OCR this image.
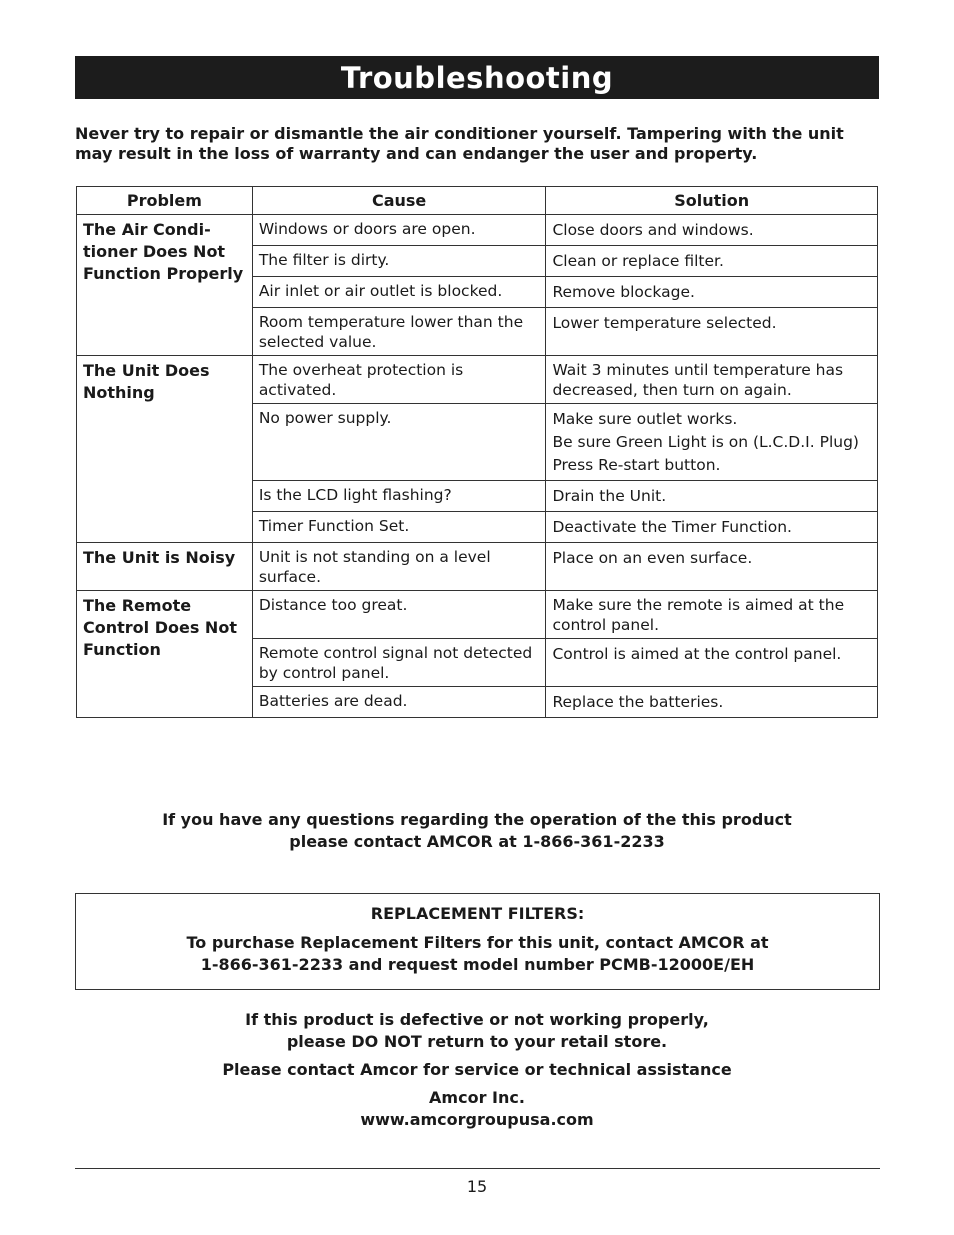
Troubleshooting
Never try to repair or dismantle the air conditioner yourself. Tampering with the unit may result in the loss of warranty and can endanger the user and property.
Problem	Cause	Solution
The Air Condi-tioner Does Not Function Properly	Windows or doors are open.	Close doors and windows.

	The filter is dirty.	Clean or replace filter.

	Air inlet or air outlet is blocked.	Remove blockage.

	Room temperature lower than the selected value.	Lower temperature selected.

The Unit Does Nothing	The overheat protection is activated.	Wait 3 minutes until temperature has decreased, then turn on again.
	No power supply.	Make sure outlet works.
Be sure Green Light is on (L.C.D.I. Plug)
Press Re-start button.

	Is the LCD light flashing?	Drain the Unit.

	Timer Function Set.	Deactivate the Timer Function.

The Unit is Noisy	Unit is not standing on a level surface.	Place on an even surface.

The Remote Control Does Not Function	Distance too great.	Make sure the remote is aimed at the control panel.
	Remote control signal not detected by control panel.	Control is aimed at the control panel.

	Batteries are dead.	Replace the batteries.
If you have any questions regarding the operation of the this product
please contact AMCOR at 1-866-361-2233
REPLACEMENT FILTERS:
To purchase Replacement Filters for this unit, contact AMCOR at
1-866-361-2233 and request model number PCMB-12000E/EH

If this product is defective or not working properly,

please DO NOT return to your retail store.

Please contact Amcor for service or technical assistance

Amcor Inc.

www.amcorgroupusa.com

15
